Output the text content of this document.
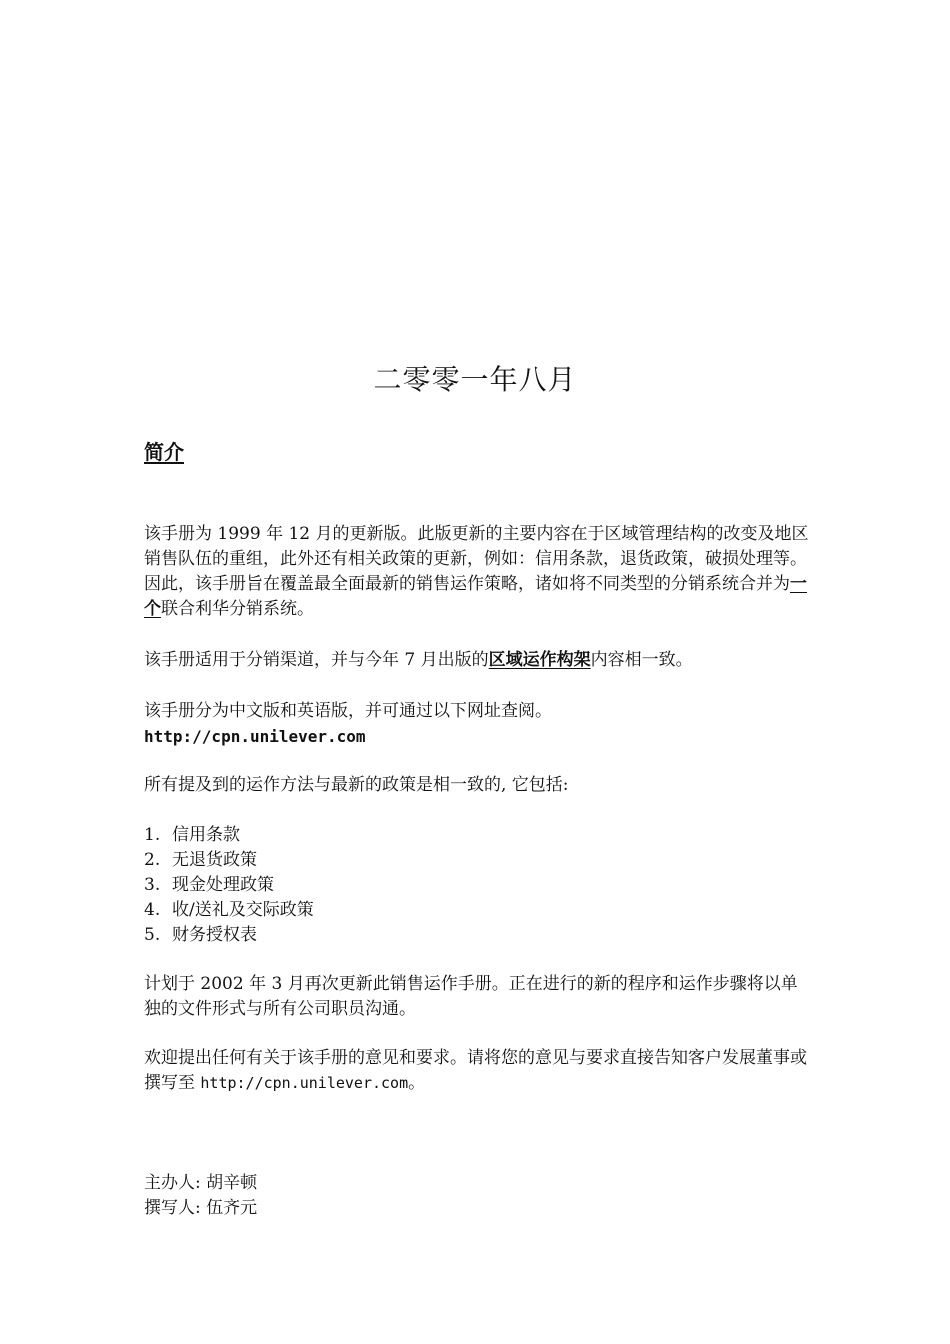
二零零一年八月
简介

该手册为 1999 年 12 月的更新版。此版更新的主要内容在于区域管理结构的改变及地区销售队伍的重组，此外还有相关政策的更新，例如：信用条款，退货政策，破损处理等。因此，该手册旨在覆盖最全面最新的销售运作策略，诸如将不同类型的分销系统合并为一个联合利华分销系统。

该手册适用于分销渠道，并与今年 7 月出版的区域运作构架内容相一致。

该手册分为中文版和英语版，并可通过以下网址查阅。

http://cpn.unilever.com

所有提及到的运作方法与最新的政策是相一致的, 它包括:

1. 信用条款
2. 无退货政策
3. 现金处理政策
4. 收/送礼及交际政策
5. 财务授权表

计划于 2002 年 3 月再次更新此销售运作手册。正在进行的新的程序和运作步骤将以单独的文件形式与所有公司职员沟通。

欢迎提出任何有关于该手册的意见和要求。请将您的意见与要求直接告知客户发展董事或撰写至 http://cpn.unilever.com。

主办人: 胡辛顿

撰写人: 伍齐元
